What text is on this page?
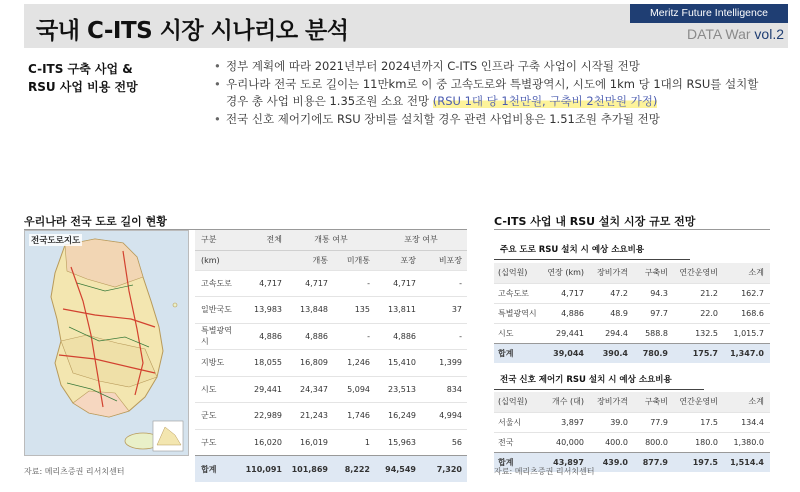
국내 C-ITS 시장 시나리오 분석
Meritz Future Intelligence
DATA War vol.2
C-ITS 구축 사업 &
RSU 사업 비용 전망
• 정부 계획에 따라 2021년부터 2024년까지 C-ITS 인프라 구축 사업이 시작될 전망
• 우리나라 전국 도로 길이는 11만km로 이 중 고속도로와 특별광역시, 시도에 1km 당 1대의 RSU를 설치할 경우 총 사업 비용은 1.35조원 소요 전망 (RSU 1대 당 1천만원, 구축비 2천만원 가정)
• 전국 신호 제어기에도 RSU 장비를 설치할 경우 관련 사업비용은 1.51조원 추가될 전망
우리나라 전국 도로 길이 현황
전국도로지도	구분	전체	개통 여부		포장 여부	
(km)		개통	미개통	포장	비포장
고속도로	4,717	4,717	-	4,717	-
일반국도	13,983	13,848	135	13,811	37
특별광역시	4,886	4,886	-	4,886	-
지방도	18,055	16,809	1,246	15,410	1,399
시도	29,441	24,347	5,094	23,513	834
군도	22,989	21,243	1,746	16,249	4,994
구도	16,020	16,019	1	15,963	56
합계	110,091	101,869	8,222	94,549	7,320
자료: 메리츠증권 리서치센터
C-ITS 사업 내 RSU 설치 시장 규모 전망
주요 도로 RSU 설치 시 예상 소요비용
(십억원)	연장 (km)	장비가격	구축비	연간운영비	소계
고속도로	4,717	47.2	94.3	21.2	162.7
특별광역시	4,886	48.9	97.7	22.0	168.6
시도	29,441	294.4	588.8	132.5	1,015.7
합계	39,044	390.4	780.9	175.7	1,347.0
전국 신호 제어기 RSU 설치 시 예상 소요비용
(십억원)	개수 (대)	장비가격	구축비	연간운영비	소계
서울시	3,897	39.0	77.9	17.5	134.4
전국	40,000	400.0	800.0	180.0	1,380.0
합계	43,897	439.0	877.9	197.5	1,514.4
자료: 메리츠증권 리서치센터
